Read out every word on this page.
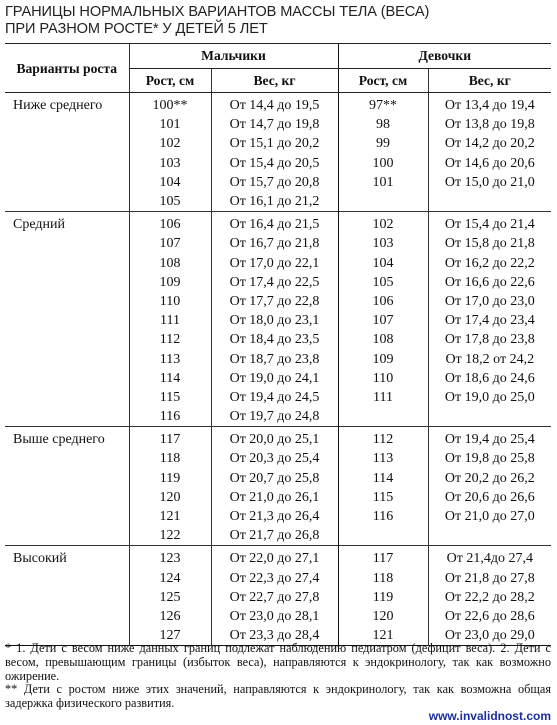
ГРАНИЦЫ НОРМАЛЬНЫХ ВАРИАНТОВ МАССЫ ТЕЛА (ВЕСА)
ПРИ РАЗНОМ РОСТЕ* У ДЕТЕЙ 5 ЛЕТ
Варианты роста	Мальчики		Девочки	
	Рост, см	Вес, кг	Рост, см	Вес, кг
Ниже среднего	100**	От 14,4 до 19,5	97**	От 13,4 до 19,4
	101	От 14,7 до 19,8	98	От 13,8 до 19,8
	102	От 15,1 до 20,2	99	От 14,2 до 20,2
	103	От 15,4 до 20,5	100	От 14,6 до 20,6
	104	От 15,7 до 20,8	101	От 15,0 до 21,0
	105	От 16,1 до 21,2		
Средний	106	От 16,4 до 21,5	102	От 15,4 до 21,4
	107	От 16,7 до 21,8	103	От 15,8 до 21,8
	108	От 17,0 до 22,1	104	От 16,2 до 22,2
	109	От 17,4 до 22,5	105	От 16,6 до 22,6
	110	От 17,7 до 22,8	106	От 17,0 до 23,0
	111	От 18,0 до 23,1	107	От 17,4 до 23,4
	112	От 18,4 до 23,5	108	От 17,8 до 23,8
	113	От 18,7 до 23,8	109	От 18,2 от 24,2
	114	От 19,0 до 24,1	110	От 18,6 до 24,6
	115	От 19,4 до 24,5	111	От 19,0 до 25,0
	116	От 19,7 до 24,8		
Выше среднего	117	От 20,0 до 25,1	112	От 19,4 до 25,4
	118	От 20,3 до 25,4	113	От 19,8 до 25,8
	119	От 20,7 до 25,8	114	От 20,2 до 26,2
	120	От 21,0 до 26,1	115	От 20,6 до 26,6
	121	От 21,3 до 26,4	116	От 21,0 до 27,0
	122	От 21,7 до 26,8		
Высокий	123	От 22,0 до 27,1	117	От 21,4до 27,4
	124	От 22,3 до 27,4	118	От 21,8 до 27,8
	125	От 22,7 до 27,8	119	От 22,2 до 28,2
	126	От 23,0 до 28,1	120	От 22,6 до 28,6
	127	От 23,3 до 28,4	121	От 23,0 до 29,0

* 1. Дети с весом ниже данных границ подлежат наблюдению педиатром (дефицит веса). 2. Дети с весом, превышающим границы (избыток веса), направляются к эндокринологу, так как возможно ожирение.

** Дети с ростом ниже этих значений, направляются к эндокринологу, так как возможна общая задержка физического развития.

www.invalidnost.com
